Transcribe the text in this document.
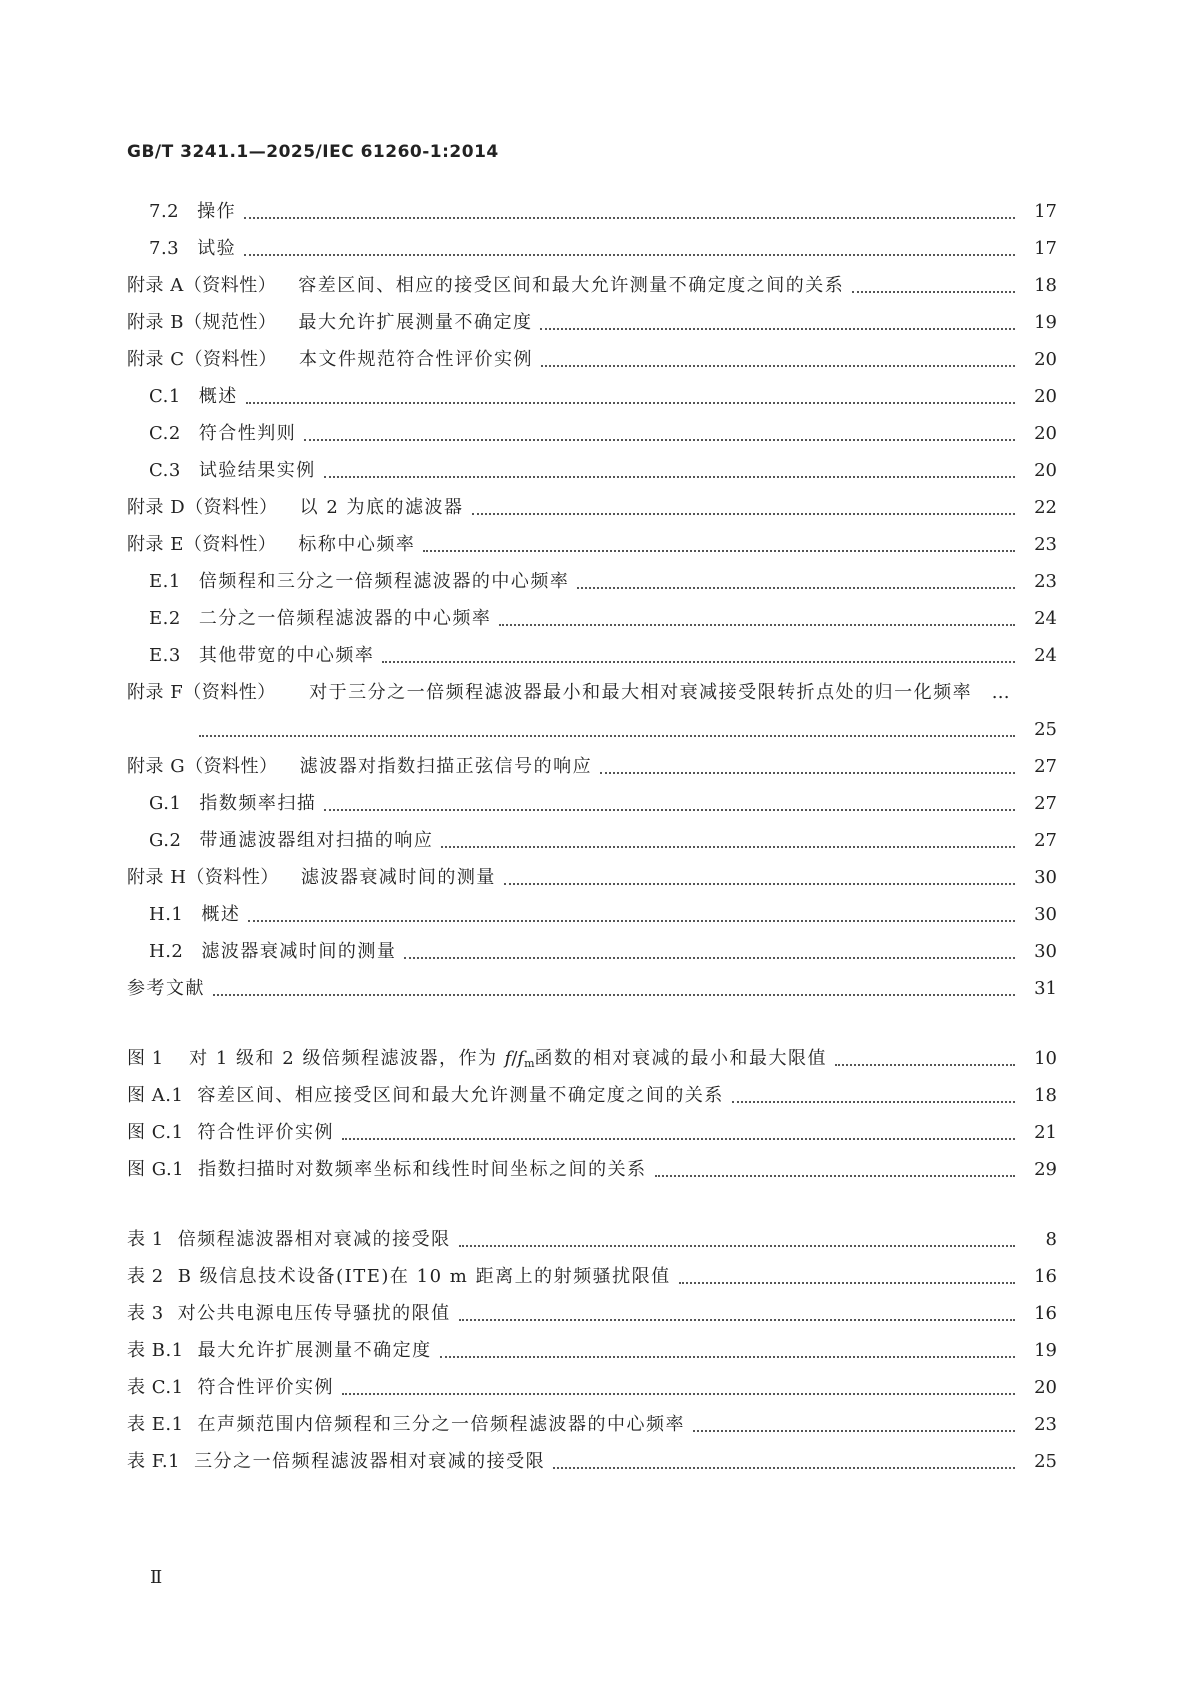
GB/T 3241.1—2025/IEC 61260-1:2014
7.2 操作	17
7.3 试验	17
附录 A（资料性） 容差区间、相应的接受区间和最大允许测量不确定度之间的关系	18
附录 B（规范性） 最大允许扩展测量不确定度	19
附录 C（资料性） 本文件规范符合性评价实例	20
C.1 概述	20
C.2 符合性判则	20
C.3 试验结果实例	20
附录 D（资料性） 以 2 为底的滤波器	22
附录 E（资料性） 标称中心频率	23
E.1 倍频程和三分之一倍频程滤波器的中心频率	23
E.2 二分之一倍频程滤波器的中心频率	24
E.3 其他带宽的中心频率	24
附录 F（资料性） 对于三分之一倍频程滤波器最小和最大相对衰减接受限转折点处的归一化频率 …
25
附录 G（资料性） 滤波器对指数扫描正弦信号的响应	27
G.1 指数频率扫描	27
G.2 带通滤波器组对扫描的响应	27
附录 H（资料性） 滤波器衰减时间的测量	30
H.1 概述	30
H.2 滤波器衰减时间的测量	30
参考文献	31
图 1 对 1 级和 2 级倍频程滤波器，作为 f/fm函数的相对衰减的最小和最大限值	10
图 A.1 容差区间、相应接受区间和最大允许测量不确定度之间的关系	18
图 C.1 符合性评价实例	21
图 G.1 指数扫描时对数频率坐标和线性时间坐标之间的关系	29
表 1 倍频程滤波器相对衰减的接受限	8
表 2 B 级信息技术设备(ITE)在 10 m 距离上的射频骚扰限值	16
表 3 对公共电源电压传导骚扰的限值	16
表 B.1 最大允许扩展测量不确定度	19
表 C.1 符合性评价实例	20
表 E.1 在声频范围内倍频程和三分之一倍频程滤波器的中心频率	23
表 F.1 三分之一倍频程滤波器相对衰减的接受限	25
Ⅱ
